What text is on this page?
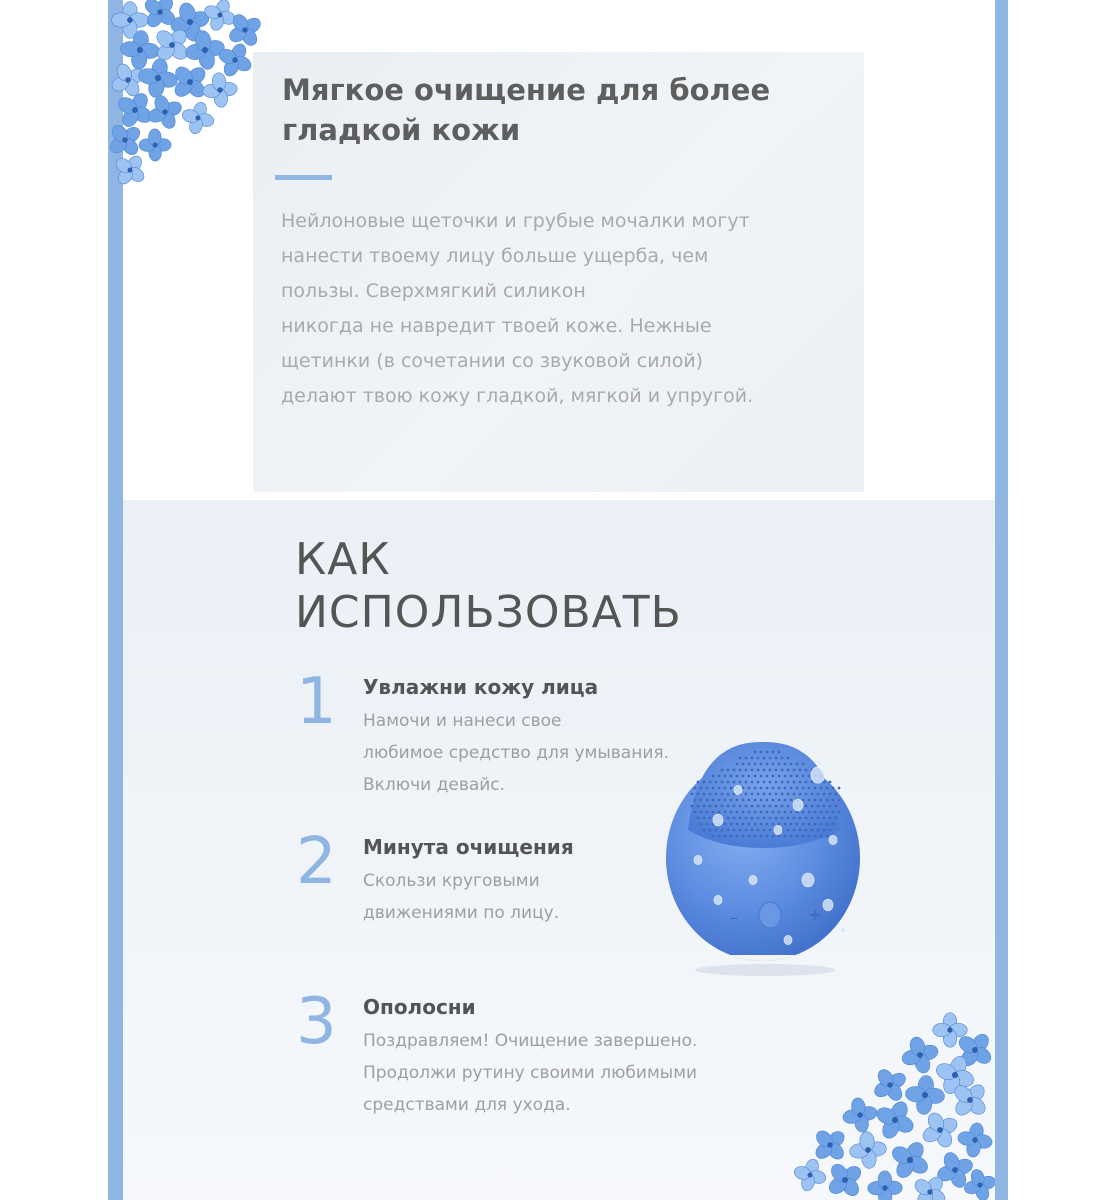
Мягкое очищение для более
гладкой кожи
Нейлоновые щеточки и грубые мочалки могут
нанести твоему лицу больше ущерба, чем
пользы. Сверхмягкий силикон
никогда не навредит твоей коже. Нежные
щетинки (в сочетании со звуковой силой)
делают твою кожу гладкой, мягкой и упругой.
КАК
ИСПОЛЬЗОВАТЬ
1	Увлажни кожу лица
Намочи и нанеси свое
любимое средство для умывания.
Включи девайс.
2	Минута очищения
Скользи круговыми
движениями по лицу.
3	Ополосни
Поздравляем! Очищение завершено.
Продолжи рутину своими любимыми
средствами для ухода.
–	+
